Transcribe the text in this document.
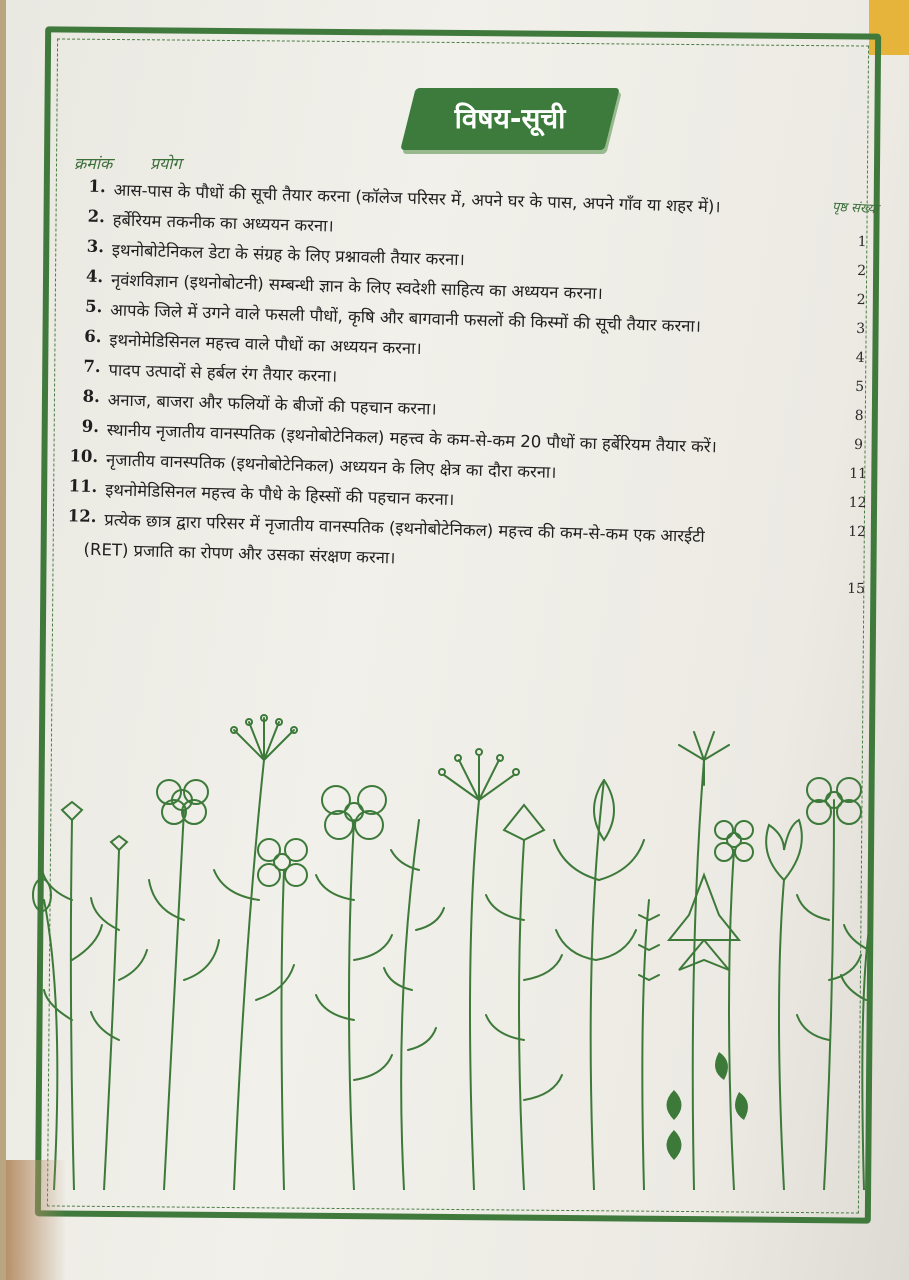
विषय-सूची
क्रमांक प्रयोग
पृष्ठ संख्या
1. आस-पास के पौधों की सूची तैयार करना (कॉलेज परिसर में, अपने घर के पास, अपने गाँव या शहर में)।
2. हर्बेरियम तकनीक का अध्ययन करना।
3. इथनोबोटेनिकल डेटा के संग्रह के लिए प्रश्नावली तैयार करना।
4. नृवंशविज्ञान (इथनोबोटनी) सम्बन्धी ज्ञान के लिए स्वदेशी साहित्य का अध्ययन करना।
5. आपके जिले में उगने वाले फसली पौधों, कृषि और बागवानी फसलों की किस्मों की सूची तैयार करना।
6. इथनोमेडिसिनल महत्त्व वाले पौधों का अध्ययन करना।
7. पादप उत्पादों से हर्बल रंग तैयार करना।
8. अनाज, बाजरा और फलियों के बीजों की पहचान करना।
9. स्थानीय नृजातीय वानस्पतिक (इथनोबोटेनिकल) महत्त्व के कम-से-कम 20 पौधों का हर्बेरियम तैयार करें।
10. नृजातीय वानस्पतिक (इथनोबोटेनिकल) अध्ययन के लिए क्षेत्र का दौरा करना।
11. इथनोमेडिसिनल महत्त्व के पौधे के हिस्सों की पहचान करना।
12. प्रत्येक छात्र द्वारा परिसर में नृजातीय वानस्पतिक (इथनोबोटेनिकल) महत्त्व की कम-से-कम एक आरईटी
(RET) प्रजाति का रोपण और उसका संरक्षण करना।
1
2
2
3
4
5
8
9
11
12
12
15
